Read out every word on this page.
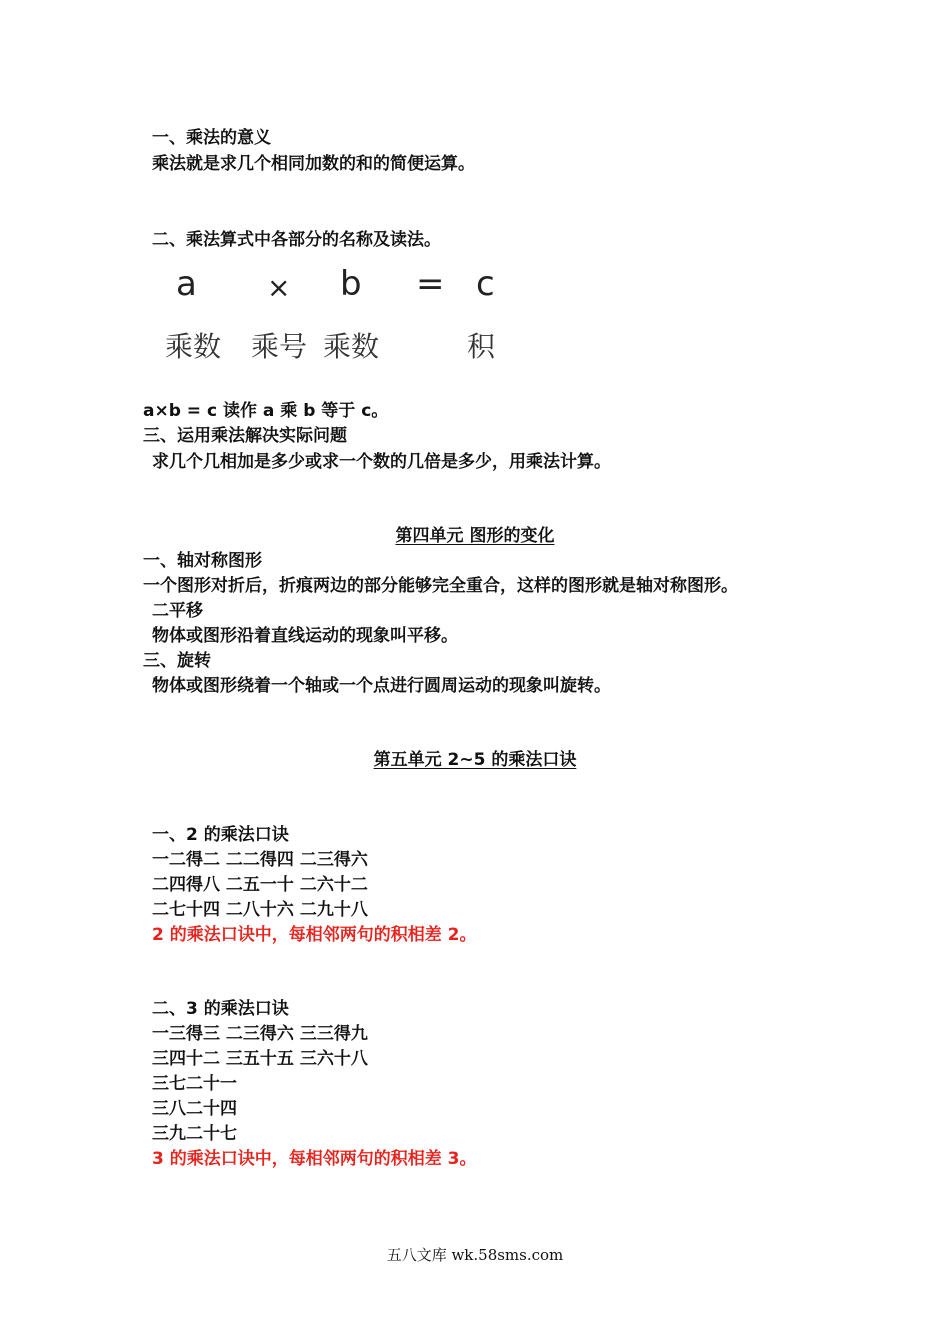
一、乘法的意义
乘法就是求几个相同加数的和的简便运算。
二、乘法算式中各部分的名称及读法。
a	× b = c
乘数 乘号 乘数	积
a×b = c 读作 a 乘 b 等于 c。
三、运用乘法解决实际问题
求几个几相加是多少或求一个数的几倍是多少，用乘法计算。
第四单元 图形的变化
一、轴对称图形
一个图形对折后，折痕两边的部分能够完全重合，这样的图形就是轴对称图形。
二平移
物体或图形沿着直线运动的现象叫平移。
三、旋转
物体或图形绕着一个轴或一个点进行圆周运动的现象叫旋转。
第五单元 2~5 的乘法口诀
一、2 的乘法口诀
一二得二 二二得四 二三得六
二四得八 二五一十 二六十二
二七十四 二八十六 二九十八
2 的乘法口诀中，每相邻两句的积相差 2。
二、3 的乘法口诀
一三得三 二三得六 三三得九
三四十二 三五十五 三六十八
三七二十一
三八二十四
三九二十七
3 的乘法口诀中，每相邻两句的积相差 3。
五八文库 wk.58sms.com
